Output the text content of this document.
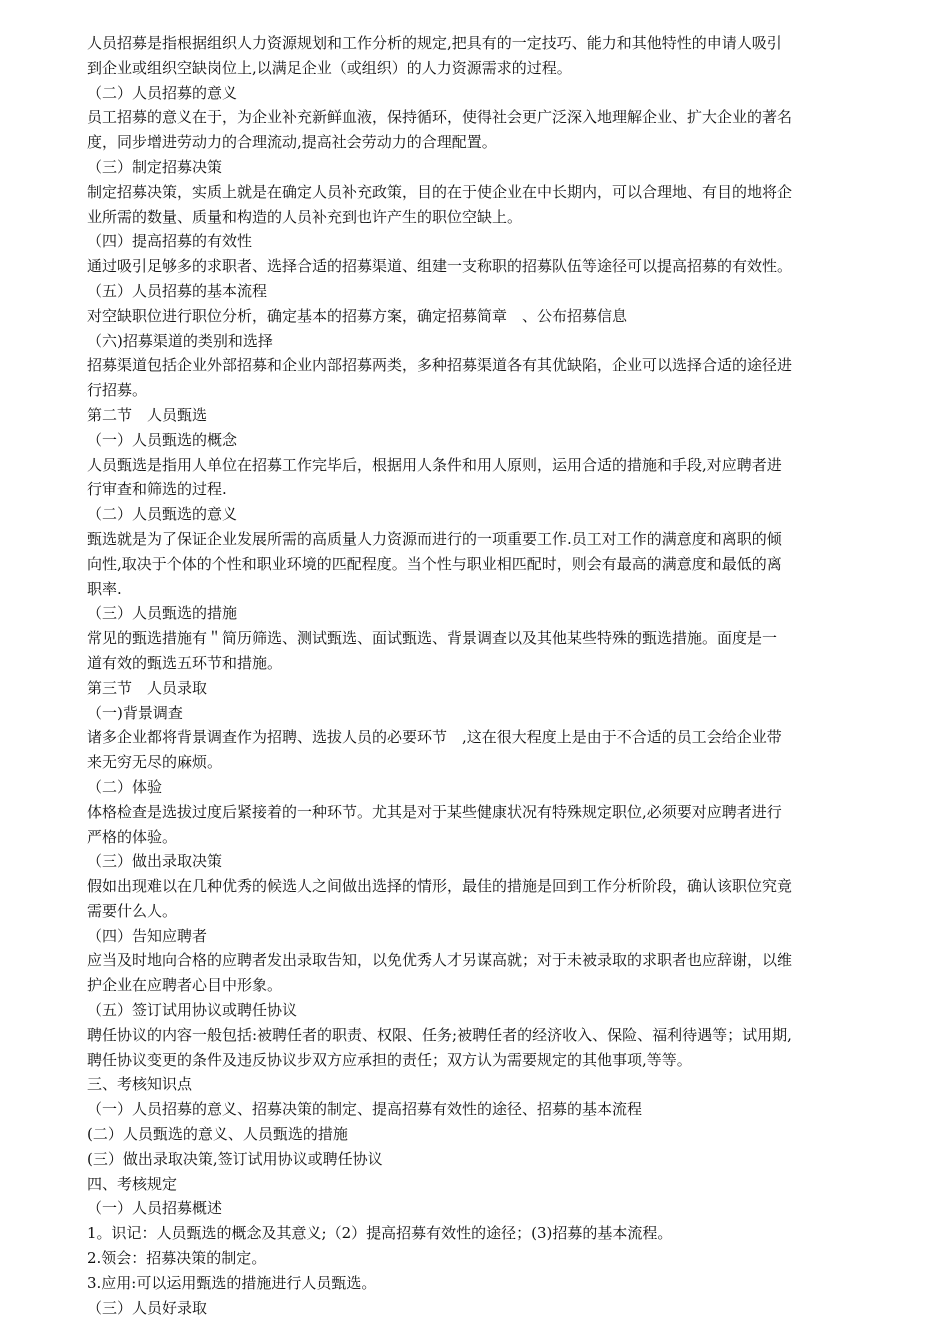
人员招募是指根据组织人力资源规划和工作分析的规定,把具有的一定技巧、能力和其他特性的申请人吸引
到企业或组织空缺岗位上,以满足企业（或组织）的人力资源需求的过程。
（二）人员招募的意义
员工招募的意义在于，为企业补充新鲜血液，保持循环，使得社会更广泛深入地理解企业、扩大企业的著名
度，同步增进劳动力的合理流动,提高社会劳动力的合理配置。
（三）制定招募决策
制定招募决策，实质上就是在确定人员补充政策，目的在于使企业在中长期内，可以合理地、有目的地将企
业所需的数量、质量和构造的人员补充到也许产生的职位空缺上。
（四）提高招募的有效性
通过吸引足够多的求职者、选择合适的招募渠道、组建一支称职的招募队伍等途径可以提高招募的有效性。
（五）人员招募的基本流程
对空缺职位进行职位分析，确定基本的招募方案，确定招募简章　、公布招募信息
（六)招募渠道的类别和选择
招募渠道包括企业外部招募和企业内部招募两类，多种招募渠道各有其优缺陷，企业可以选择合适的途径进
行招募。
第二节　人员甄选
（一）人员甄选的概念
人员甄选是指用人单位在招募工作完毕后，根据用人条件和用人原则，运用合适的措施和手段,对应聘者进
行审查和筛选的过程.
（二）人员甄选的意义
甄选就是为了保证企业发展所需的高质量人力资源而进行的一项重要工作.员工对工作的满意度和离职的倾
向性,取决于个体的个性和职业环境的匹配程度。当个性与职业相匹配时，则会有最高的满意度和最低的离
职率.
（三）人员甄选的措施
常见的甄选措施有＂简历筛选、测试甄选、面试甄选、背景调查以及其他某些特殊的甄选措施。面度是一
道有效的甄选五环节和措施。
第三节　人员录取
（一)背景调查
诸多企业都将背景调查作为招聘、选拔人员的必要环节　,这在很大程度上是由于不合适的员工会给企业带
来无穷无尽的麻烦。
（二）体验
体格检查是选拔过度后紧接着的一种环节。尤其是对于某些健康状况有特殊规定职位,必须要对应聘者进行
严格的体验。
（三）做出录取决策
假如出现难以在几种优秀的候选人之间做出选择的情形，最佳的措施是回到工作分析阶段，确认该职位究竟
需要什么人。
（四）告知应聘者
应当及时地向合格的应聘者发出录取告知，以免优秀人才另谋高就；对于未被录取的求职者也应辞谢，以维
护企业在应聘者心目中形象。
（五）签订试用协议或聘任协议
聘任协议的内容一般包括:被聘任者的职责、权限、任务;被聘任者的经济收入、保险、福利待遇等；试用期,
聘任协议变更的条件及违反协议步双方应承担的责任；双方认为需要规定的其他事项,等等。
三、考核知识点
（一）人员招募的意义、招募决策的制定、提高招募有效性的途径、招募的基本流程
(二）人员甄选的意义、人员甄选的措施
(三）做出录取决策,签订试用协议或聘任协议
四、考核规定
（一）人员招募概述
1。识记：人员甄选的概念及其意义;（2）提高招募有效性的途径；(3)招募的基本流程。
2.领会：招募决策的制定。
3.应用:可以运用甄选的措施进行人员甄选。
（三）人员好录取
